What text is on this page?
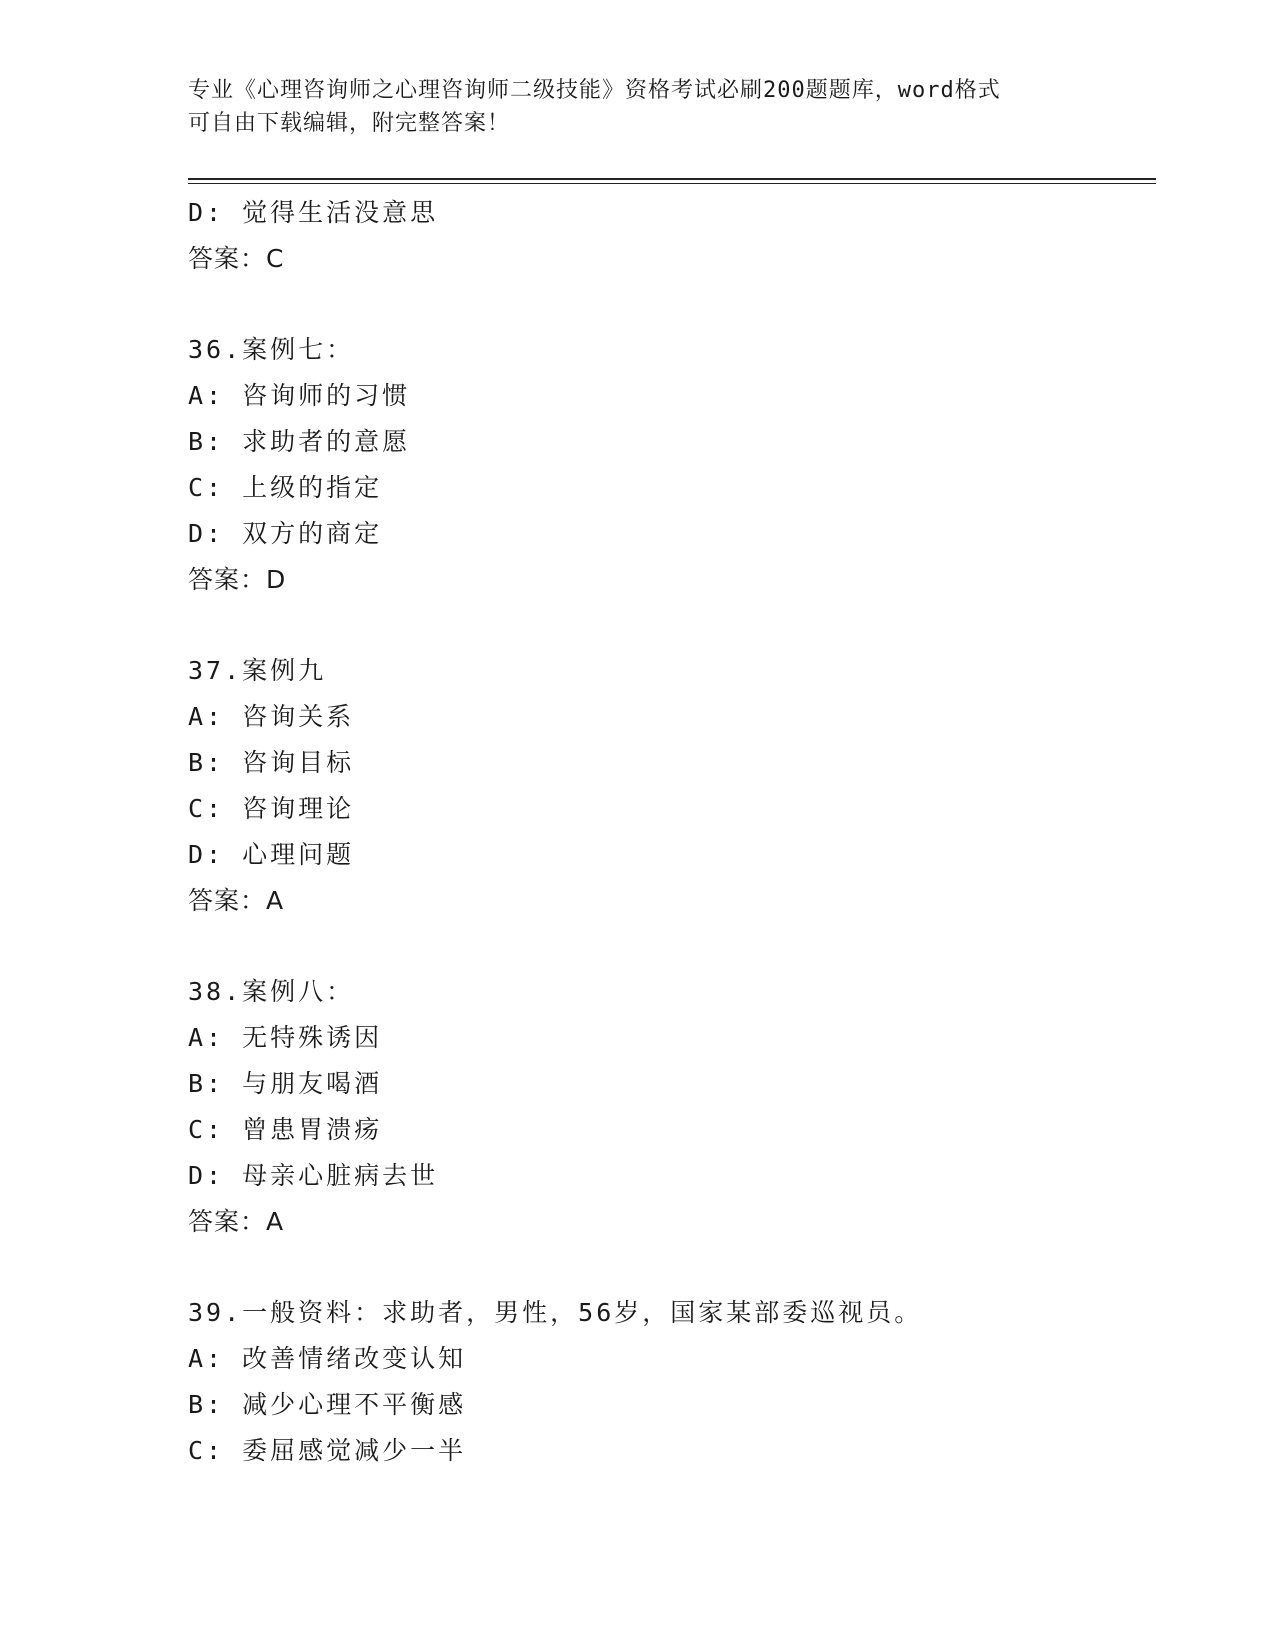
专业《心理咨询师之心理咨询师二级技能》资格考试必刷200题题库，word格式
可自由下载编辑，附完整答案！
D: 觉得生活没意思
答案：C
36.案例七：
A: 咨询师的习惯
B: 求助者的意愿
C: 上级的指定
D: 双方的商定
答案：D
37.案例九
A: 咨询关系
B: 咨询目标
C: 咨询理论
D: 心理问题
答案：A
38.案例八：
A: 无特殊诱因
B: 与朋友喝酒
C: 曾患胃溃疡
D: 母亲心脏病去世
答案：A
39.一般资料：求助者，男性，56岁，国家某部委巡视员。
A: 改善情绪改变认知
B: 减少心理不平衡感
C: 委屈感觉减少一半
